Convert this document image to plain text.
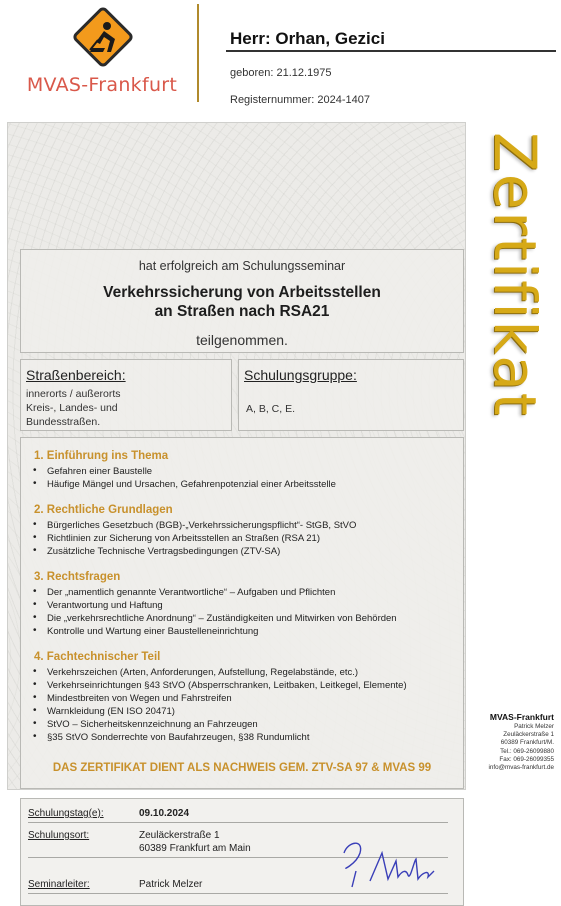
MVAS-Frankfurt
Herr: Orhan, Gezici
geboren: 21.12.1975
Registernummer: 2024-1407
hat erfolgreich am Schulungsseminar
Verkehrssicherung von Arbeitsstellen
an Straßen nach RSA21
teilgenommen.
Straßenbereich:
innerorts / außerorts
Kreis-, Landes- und
Bundesstraßen.
Schulungsgruppe:
A, B, C, E.
1. Einführung ins Thema
• Gefahren einer Baustelle
• Häufige Mängel und Ursachen, Gefahrenpotenzial einer Arbeitsstelle
2. Rechtliche Grundlagen
• Bürgerliches Gesetzbuch (BGB)-„Verkehrssicherungspflicht“- StGB, StVO
• Richtlinien zur Sicherung von Arbeitsstellen an Straßen (RSA 21)
• Zusätzliche Technische Vertragsbedingungen (ZTV-SA)
3. Rechtsfragen
• Der „namentlich genannte Verantwortliche“ – Aufgaben und Pflichten
• Verantwortung und Haftung
• Die „verkehrsrechtliche Anordnung“ – Zuständigkeiten und Mitwirken von Behörden
• Kontrolle und Wartung einer Baustelleneinrichtung
4. Fachtechnischer Teil
• Verkehrszeichen (Arten, Anforderungen, Aufstellung, Regelabstände, etc.)
• Verkehrseinrichtungen §43 StVO (Absperrschranken, Leitbaken, Leitkegel, Elemente)
• Mindestbreiten von Wegen und Fahrstreifen
• Warnkleidung (EN ISO 20471)
• StVO – Sicherheitskennzeichnung an Fahrzeugen
• §35 StVO Sonderrechte von Baufahrzeugen, §38 Rundumlicht
DAS ZERTIFIKAT DIENT ALS NACHWEIS GEM. ZTV-SA 97 & MVAS 99
Schulungstag(e):	09.10.2024
Schulungsort:	Zeuläckerstraße 1
60389 Frankfurt am Main
Seminarleiter:	Patrick Melzer
Zertifikat
MVAS-Frankfurt
Patrick Melzer
Zeuläckerstraße 1
60389 Frankfurt/M.
Tel.: 069-26099880
Fax: 069-26099355
info@mvas-frankfurt.de
